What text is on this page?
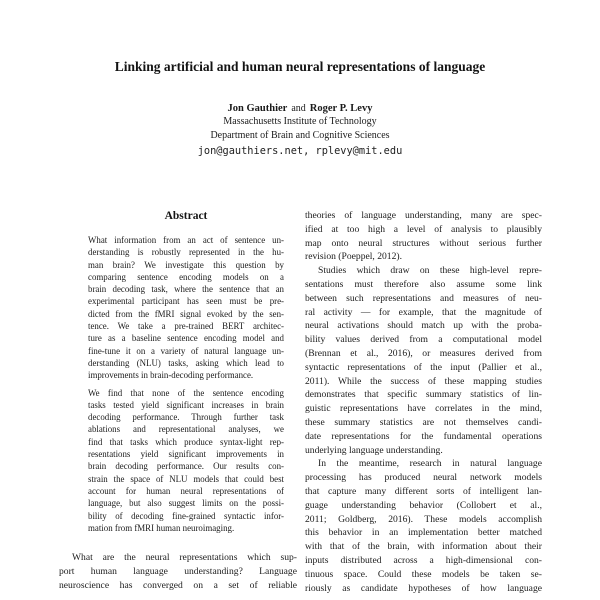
Linking artificial and human neural representations of language
Jon Gauthier and Roger P. Levy
Massachusetts Institute of Technology
Department of Brain and Cognitive Sciences
jon@gauthiers.net, rplevy@mit.edu
Abstract
What information from an act of sentence un-
derstanding is robustly represented in the hu-
man brain? We investigate this question by
comparing sentence encoding models on a
brain decoding task, where the sentence that an
experimental participant has seen must be pre-
dicted from the fMRI signal evoked by the sen-
tence. We take a pre-trained BERT architec-
ture as a baseline sentence encoding model and
fine-tune it on a variety of natural language un-
derstanding (NLU) tasks, asking which lead to
improvements in brain-decoding performance.
We find that none of the sentence encoding
tasks tested yield significant increases in brain
decoding performance. Through further task
ablations and representational analyses, we
find that tasks which produce syntax-light rep-
resentations yield significant improvements in
brain decoding performance. Our results con-
strain the space of NLU models that could best
account for human neural representations of
language, but also suggest limits on the possi-
bility of decoding fine-grained syntactic infor-
mation from fMRI human neuroimaging.
What are the neural representations which sup-
port human language understanding? Language
neuroscience has converged on a set of reliable
theories of language understanding, many are spec-
ified at too high a level of analysis to plausibly
map onto neural structures without serious further
revision (Poeppel, 2012).
Studies which draw on these high-level repre-
sentations must therefore also assume some link
between such representations and measures of neu-
ral activity — for example, that the magnitude of
neural activations should match up with the proba-
bility values derived from a computational model
(Brennan et al., 2016), or measures derived from
syntactic representations of the input (Pallier et al.,
2011). While the success of these mapping studies
demonstrates that specific summary statistics of lin-
guistic representations have correlates in the mind,
these summary statistics are not themselves candi-
date representations for the fundamental operations
underlying language understanding.
In the meantime, research in natural language
processing has produced neural network models
that capture many different sorts of intelligent lan-
guage understanding behavior (Collobert et al.,
2011; Goldberg, 2016). These models accomplish
this behavior in an implementation better matched
with that of the brain, with information about their
inputs distributed across a high-dimensional con-
tinuous space. Could these models be taken se-
riously as candidate hypotheses of how language
